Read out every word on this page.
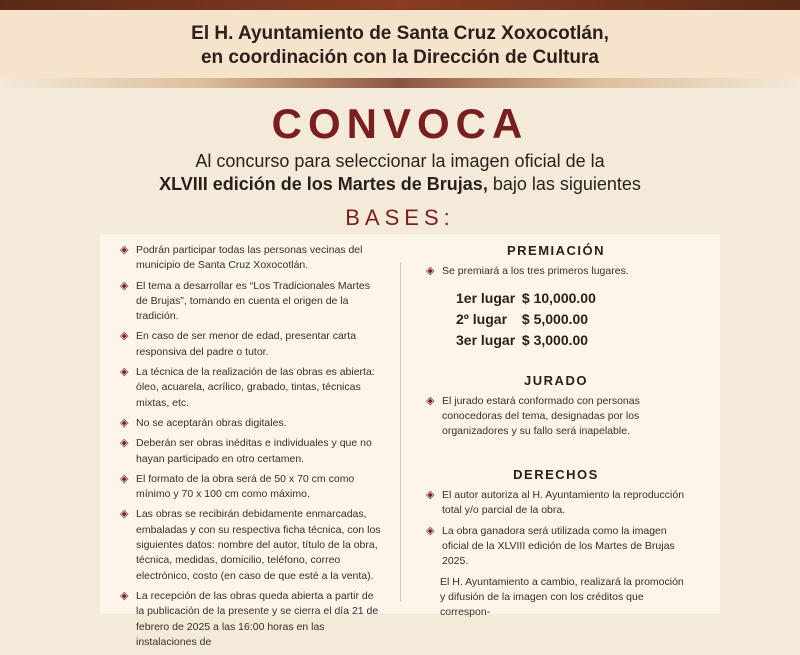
El H. Ayuntamiento de Santa Cruz Xoxocotlán,
en coordinación con la Dirección de Cultura
CONVOCA
Al concurso para seleccionar la imagen oficial de la
XLVIII edición de los Martes de Brujas, bajo las siguientes
BASES:
◈ Podrán participar todas las personas vecinas del municipio de Santa Cruz Xoxocotlán.
◈ El tema a desarrollar es “Los Tradicionales Martes de Brujas”, tomando en cuenta el origen de la tradición.
◈ En caso de ser menor de edad, presentar carta responsiva del padre o tutor.
◈ La técnica de la realización de las obras es abierta: óleo, acuarela, acrílico, grabado, tintas, técnicas mixtas, etc.
◈ No se aceptarán obras digitales.
◈ Deberán ser obras inéditas e individuales y que no hayan participado en otro certamen.
◈ El formato de la obra será de 50 x 70 cm como mínimo y 70 x 100 cm como máximo.
◈ Las obras se recibirán debidamente enmarcadas, embaladas y con su respectiva ficha técnica, con los siguientes datos: nombre del autor, título de la obra, técnica, medidas, domicilio, teléfono, correo electrónico, costo (en caso de que esté a la venta).
◈ La recepción de las obras queda abierta a partir de la publicación de la presente y se cierra el día 21 de febrero de 2025 a las 16:00 horas en las instalaciones de
PREMIACIÓN
◈ Se premiará a los tres primeros lugares.
1er lugar $ 10,000.00
2º lugar $ 5,000.00
3er lugar $ 3,000.00
JURADO
◈ El jurado estará conformado con personas conocedoras del tema, designadas por los organizadores y su fallo será inapelable.
DERECHOS
◈ El autor autoriza al H. Ayuntamiento la reproducción total y/o parcial de la obra.
◈ La obra ganadora será utilizada como la imagen oficial de la XLVIII edición de los Martes de Brujas 2025.
El H. Ayuntamiento a cambio, realizará la promoción y difusión de la imagen con los créditos que correspon-
